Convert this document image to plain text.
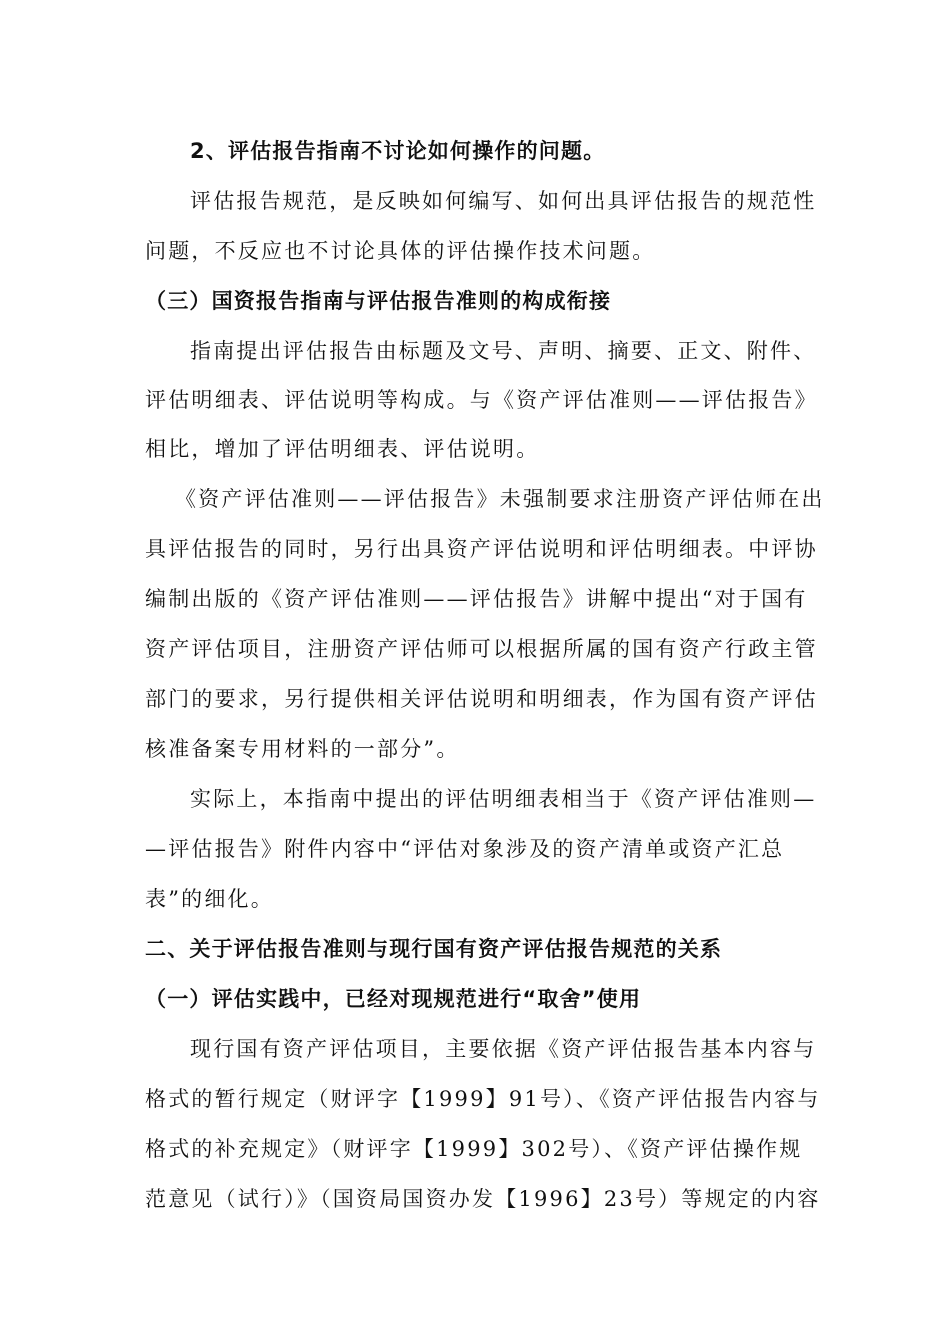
2、评估报告指南不讨论如何操作的问题。
评估报告规范，是反映如何编写、如何出具评估报告的规范性
问题，不反应也不讨论具体的评估操作技术问题。
（三）国资报告指南与评估报告准则的构成衔接
指南提出评估报告由标题及文号、声明、摘要、正文、附件、
评估明细表、评估说明等构成。与《资产评估准则——评估报告》
相比，增加了评估明细表、评估说明。
《资产评估准则——评估报告》未强制要求注册资产评估师在出
具评估报告的同时，另行出具资产评估说明和评估明细表。中评协
编制出版的《资产评估准则——评估报告》讲解中提出“对于国有
资产评估项目，注册资产评估师可以根据所属的国有资产行政主管
部门的要求，另行提供相关评估说明和明细表，作为国有资产评估
核准备案专用材料的一部分”。
实际上，本指南中提出的评估明细表相当于《资产评估准则—
—评估报告》附件内容中“评估对象涉及的资产清单或资产汇总
表”的细化。
二、关于评估报告准则与现行国有资产评估报告规范的关系
（一）评估实践中，已经对现规范进行“取舍”使用
现行国有资产评估项目，主要依据《资产评估报告基本内容与
格式的暂行规定（财评字【1999】91号）、《资产评估报告内容与
格式的补充规定》（财评字【1999】302号）、《资产评估操作规
范意见（试行）》（国资局国资办发【1996】23号）等规定的内容
